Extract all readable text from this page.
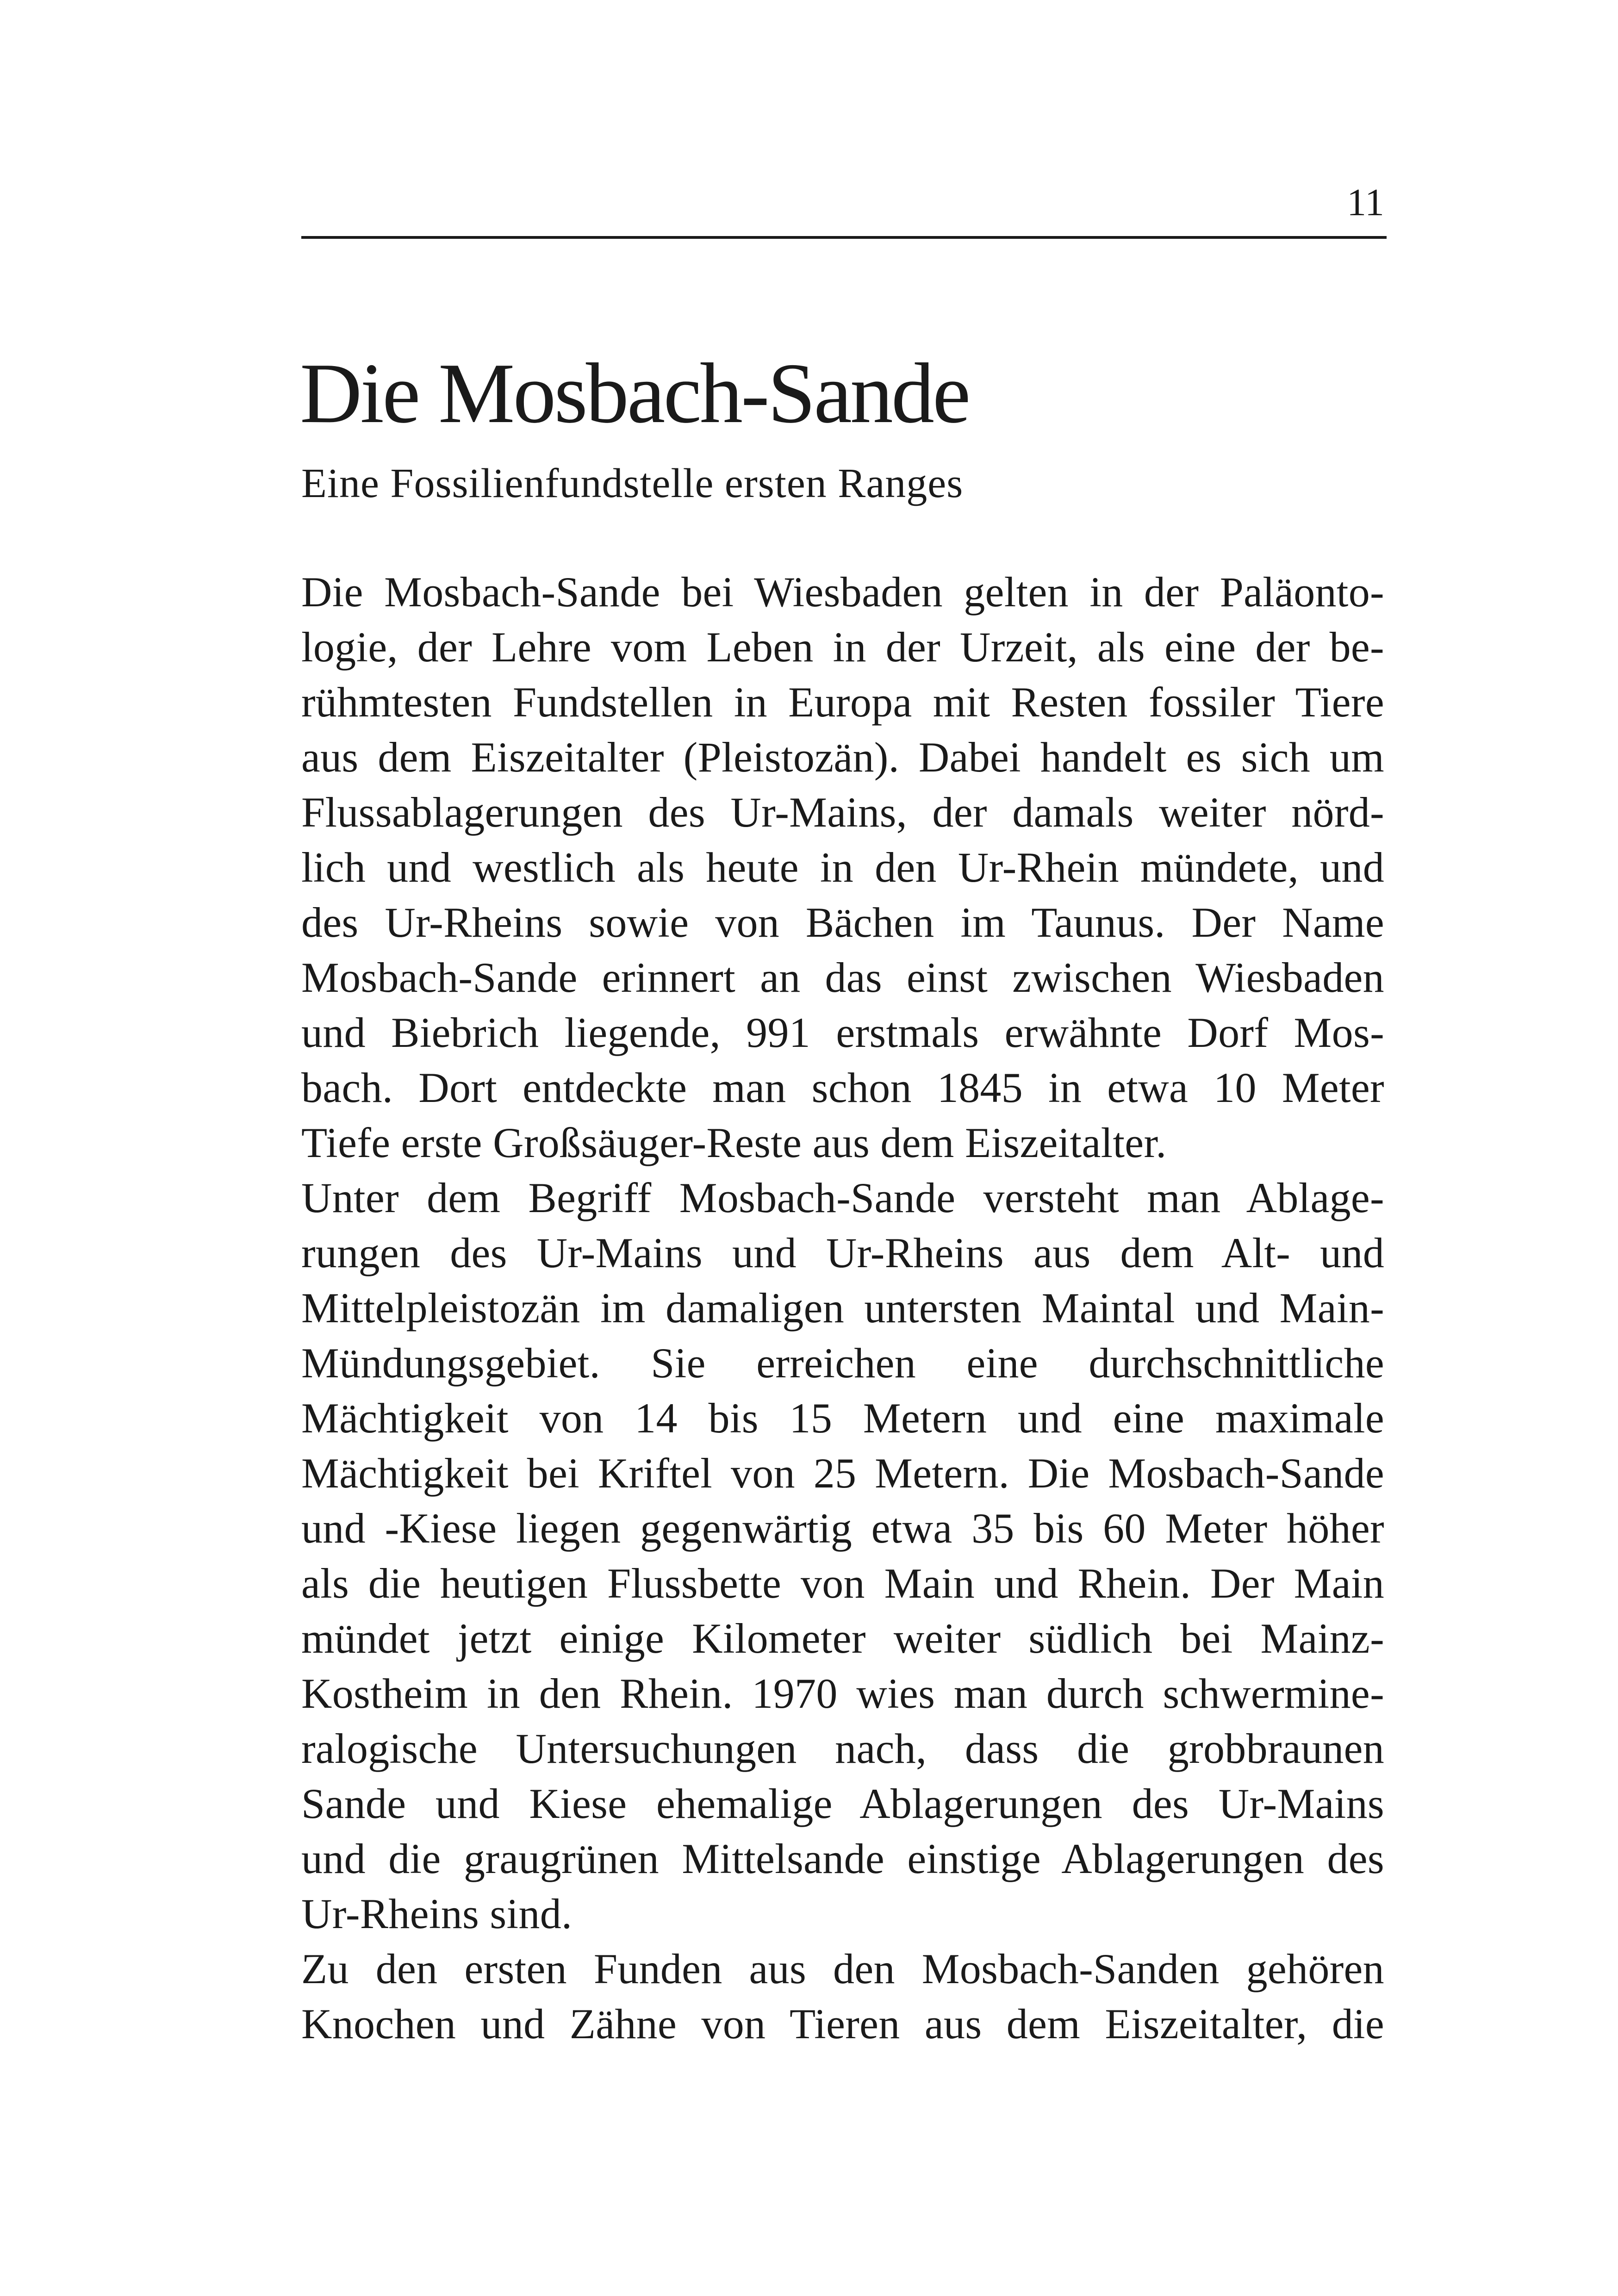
11
Die Mosbach-Sande

Eine Fossilienfundstelle ersten Ranges

Die Mosbach-Sande bei Wiesbaden gelten in der Paläonto-
logie, der Lehre vom Leben in der Urzeit, als eine der be-
rühmtesten Fundstellen in Europa mit Resten fossiler Tiere
aus dem Eiszeitalter (Pleistozän). Dabei handelt es sich um
Flussablagerungen des Ur-Mains, der damals weiter nörd-
lich und westlich als heute in den Ur-Rhein mündete, und
des Ur-Rheins sowie von Bächen im Taunus. Der Name
Mosbach-Sande erinnert an das einst zwischen Wiesbaden
und Biebrich liegende, 991 erstmals erwähnte Dorf Mos-
bach. Dort entdeckte man schon 1845 in etwa 10 Meter
Tiefe erste Großsäuger-Reste aus dem Eiszeitalter.
Unter dem Begriff Mosbach-Sande versteht man Ablage-
rungen des Ur-Mains und Ur-Rheins aus dem Alt- und
Mittelpleistozän im damaligen untersten Maintal und Main-
Mündungsgebiet. Sie erreichen eine durchschnittliche
Mächtigkeit von 14 bis 15 Metern und eine maximale
Mächtigkeit bei Kriftel von 25 Metern. Die Mosbach-Sande
und -Kiese liegen gegenwärtig etwa 35 bis 60 Meter höher
als die heutigen Flussbette von Main und Rhein. Der Main
mündet jetzt einige Kilometer weiter südlich bei Mainz-
Kostheim in den Rhein. 1970 wies man durch schwermine-
ralogische Untersuchungen nach, dass die grobbraunen
Sande und Kiese ehemalige Ablagerungen des Ur-Mains
und die graugrünen Mittelsande einstige Ablagerungen des
Ur-Rheins sind.
Zu den ersten Funden aus den Mosbach-Sanden gehören
Knochen und Zähne von Tieren aus dem Eiszeitalter, die
